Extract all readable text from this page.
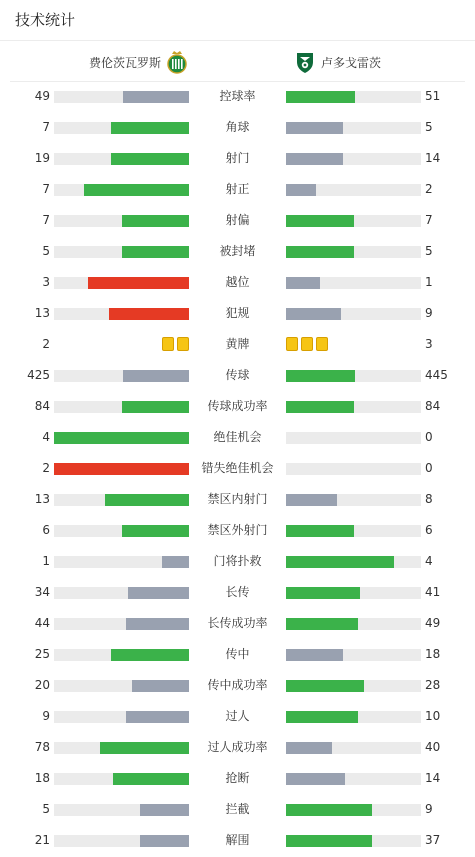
技术统计
费伦茨瓦罗斯	卢多戈雷茨
49	控球率	51
7	角球	5
19	射门	14
7	射正	2
7	射偏	7
5	被封堵	5
3	越位	1
13	犯规	9
2	黄牌	3
425	传球	445
84	传球成功率	84
4	绝佳机会	0
2	错失绝佳机会	0
13	禁区内射门	8
6	禁区外射门	6
1	门将扑救	4
34	长传	41
44	长传成功率	49
25	传中	18
20	传中成功率	28
9	过人	10
78	过人成功率	40
18	抢断	14
5	拦截	9
21	解围	37
